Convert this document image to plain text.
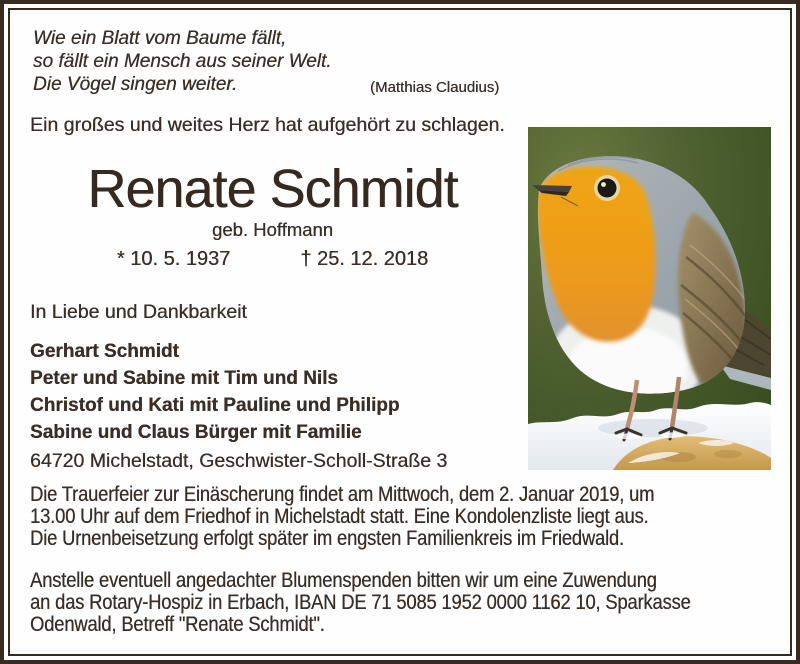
Wie ein Blatt vom Baume fällt,
so fällt ein Mensch aus seiner Welt.
Die Vögel singen weiter.	(Matthias Claudius)
Ein großes und weites Herz hat aufgehört zu schlagen.
Renate Schmidt
geb. Hoffmann
* 10. 5. 1937	† 25. 12. 2018
In Liebe und Dankbarkeit
Gerhart Schmidt
Peter und Sabine mit Tim und Nils
Christof und Kati mit Pauline und Philipp
Sabine und Claus Bürger mit Familie
64720 Michelstadt, Geschwister-Scholl-Straße 3
Die Trauerfeier zur Einäscherung findet am Mittwoch, dem 2. Januar 2019, um
13.00 Uhr auf dem Friedhof in Michelstadt statt. Eine Kondolenzliste liegt aus.
Die Urnenbeisetzung erfolgt später im engsten Familienkreis im Friedwald.
Anstelle eventuell angedachter Blumenspenden bitten wir um eine Zuwendung
an das Rotary-Hospiz in Erbach, IBAN DE 71 5085 1952 0000 1162 10, Sparkasse
Odenwald, Betreff "Renate Schmidt".
